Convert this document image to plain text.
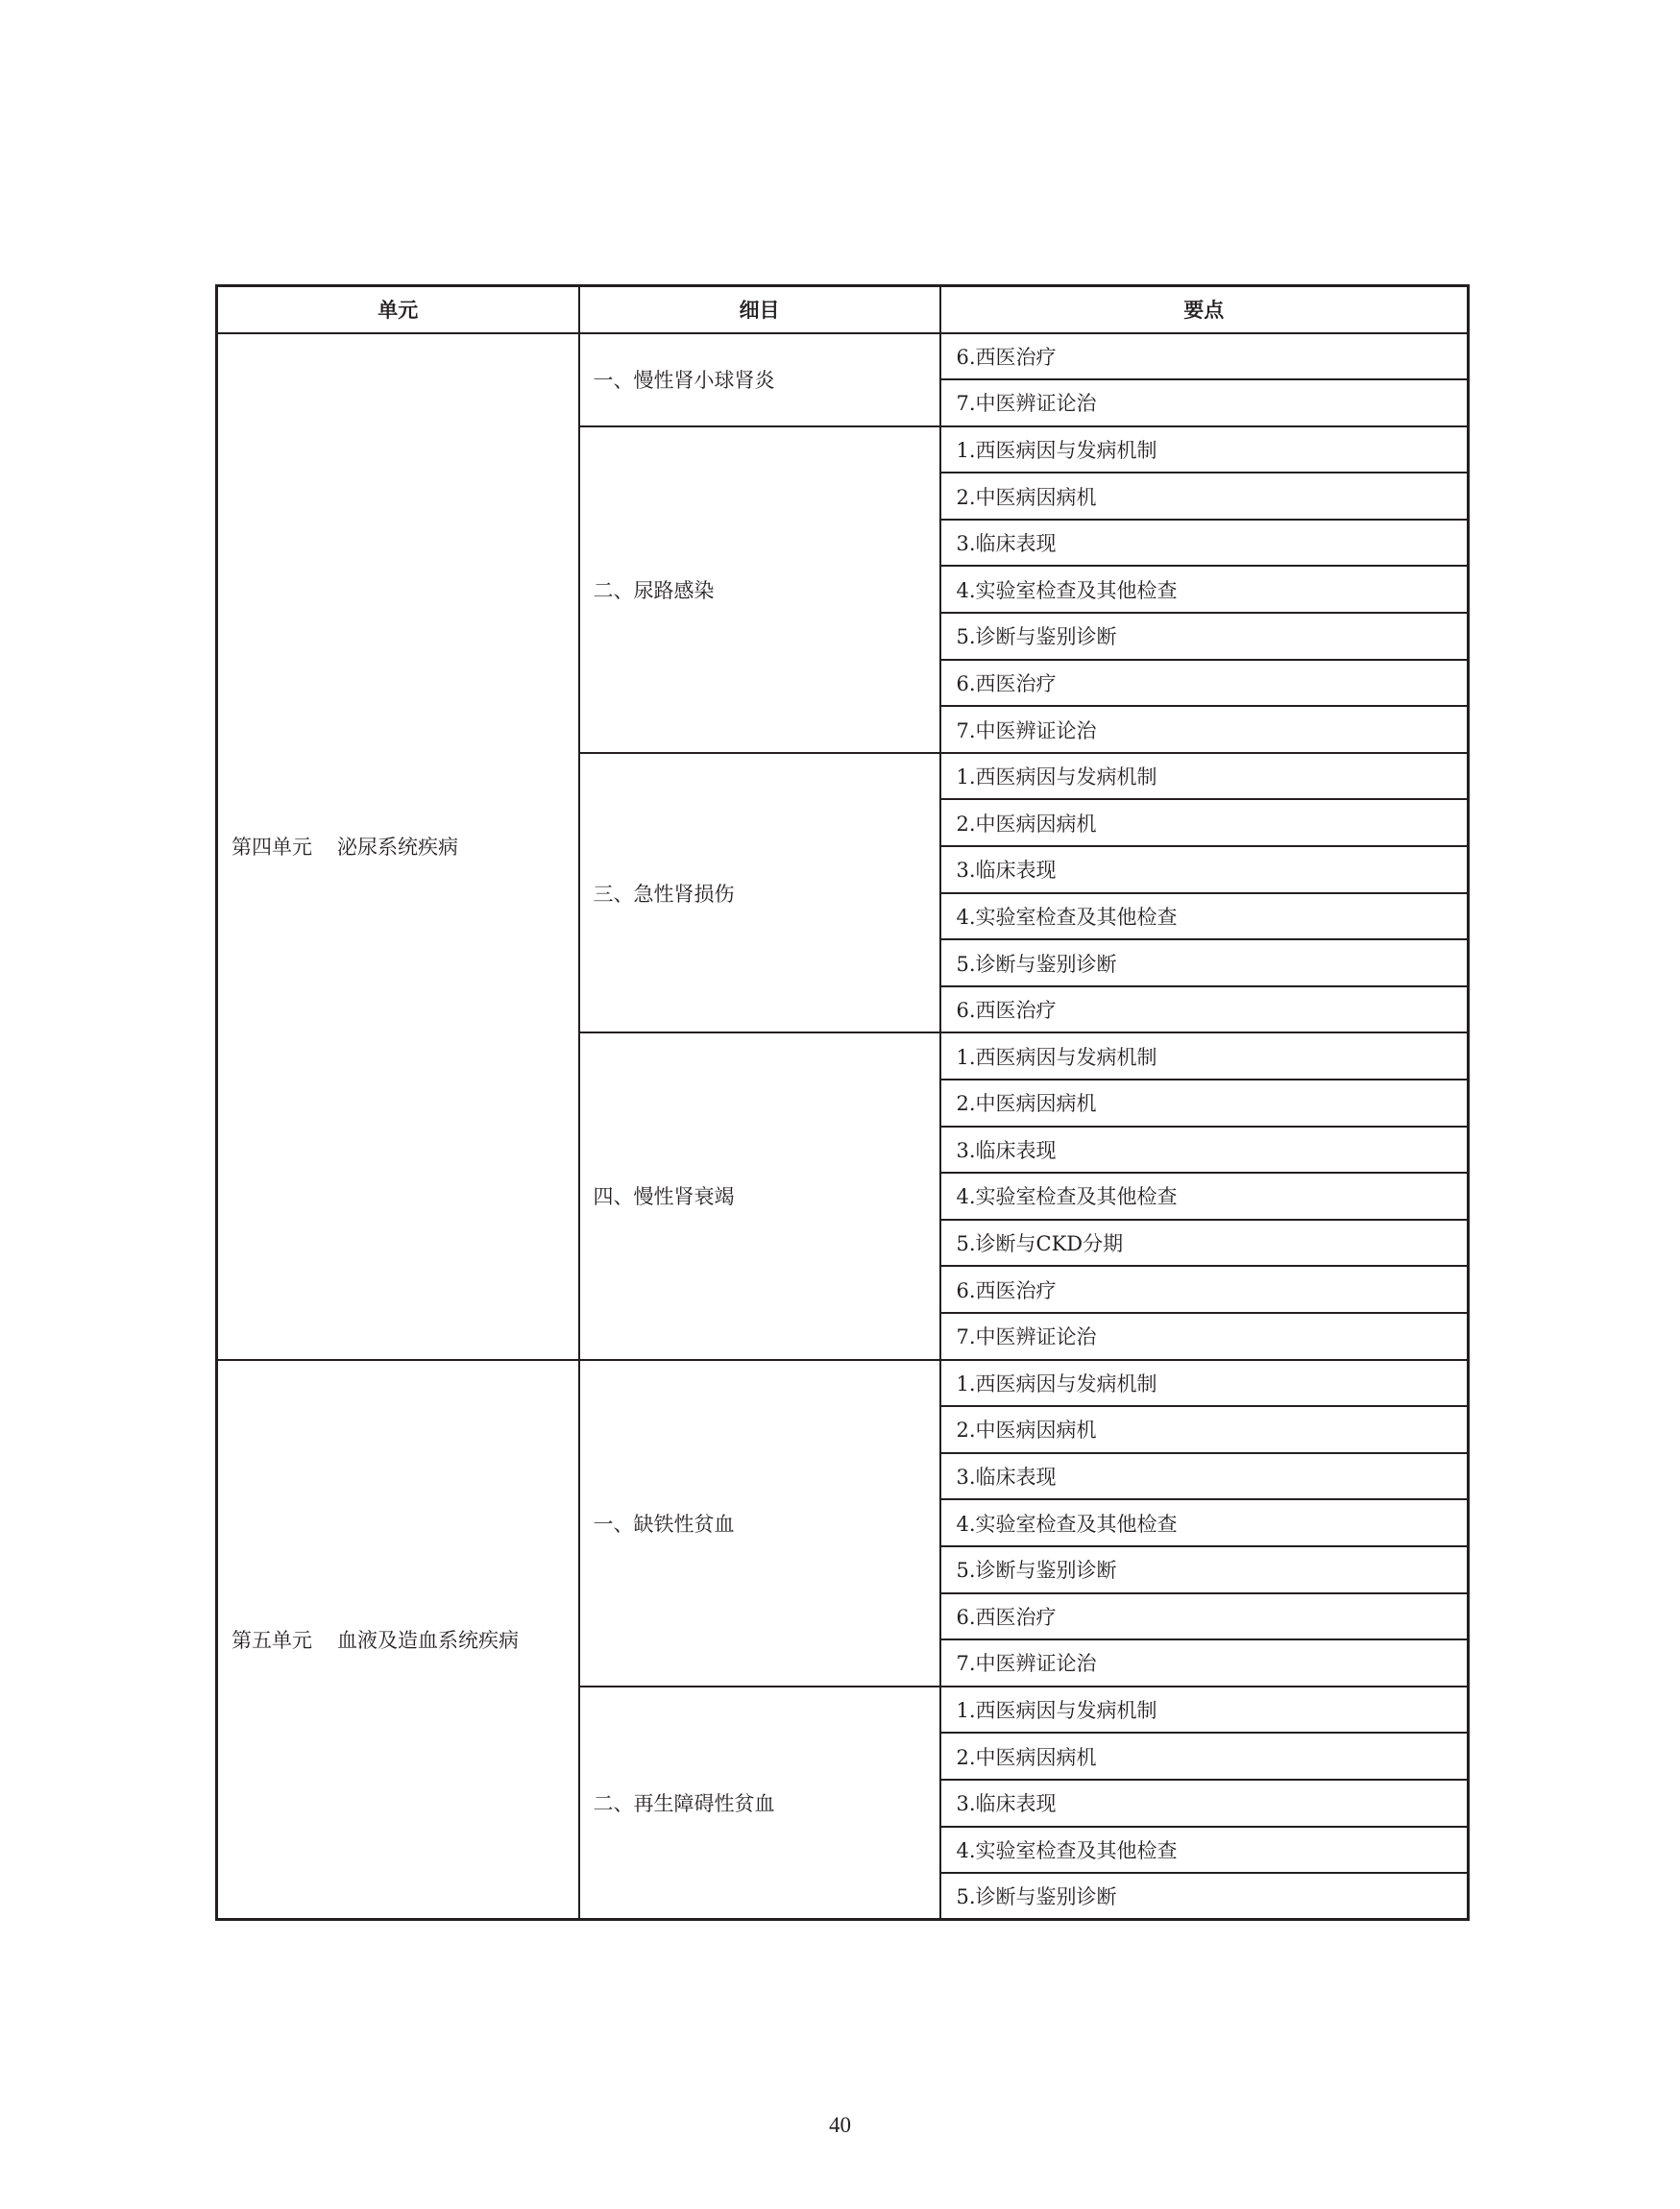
单元	细目	要点
第四单元 泌尿系统疾病	一、慢性肾小球肾炎	6.西医治疗
		7.中医辨证论治
	二、尿路感染	1.西医病因与发病机制
		2.中医病因病机
		3.临床表现
		4.实验室检查及其他检查
		5.诊断与鉴别诊断
		6.西医治疗
		7.中医辨证论治
	三、急性肾损伤	1.西医病因与发病机制
		2.中医病因病机
		3.临床表现
		4.实验室检查及其他检查
		5.诊断与鉴别诊断
		6.西医治疗
	四、慢性肾衰竭	1.西医病因与发病机制
		2.中医病因病机
		3.临床表现
		4.实验室检查及其他检查
		5.诊断与CKD分期
		6.西医治疗
		7.中医辨证论治
第五单元 血液及造血系统疾病	一、缺铁性贫血	1.西医病因与发病机制
		2.中医病因病机
		3.临床表现
		4.实验室检查及其他检查
		5.诊断与鉴别诊断
		6.西医治疗
		7.中医辨证论治
	二、再生障碍性贫血	1.西医病因与发病机制
		2.中医病因病机
		3.临床表现
		4.实验室检查及其他检查
		5.诊断与鉴别诊断
40
